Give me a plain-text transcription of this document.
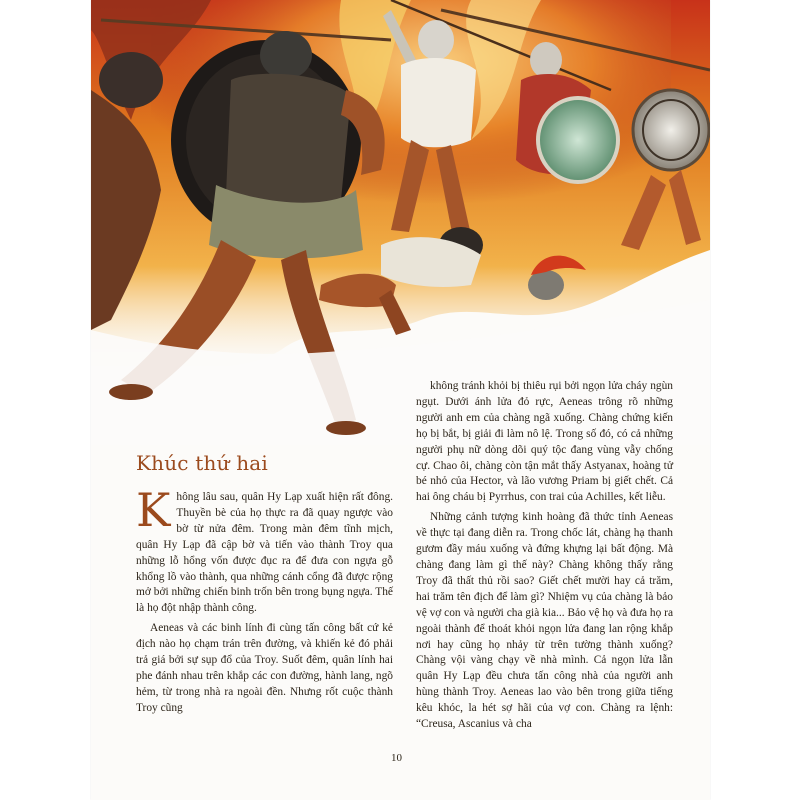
Khúc thứ hai

Không lâu sau, quân Hy Lạp xuất hiện rất đông. Thuyền bè của họ thực ra đã quay ngược vào bờ từ nửa đêm. Trong màn đêm tĩnh mịch, quân Hy Lạp đã cập bờ và tiến vào thành Troy qua những lỗ hổng vốn được đục ra để đưa con ngựa gỗ khổng lồ vào thành, qua những cánh cổng đã được rộng mở bởi những chiến binh trốn bên trong bụng ngựa. Thế là họ đột nhập thành công.

Aeneas và các binh lính đi cùng tấn công bất cứ kẻ địch nào họ chạm trán trên đường, và khiến kẻ đó phải trả giá bởi sự sụp đổ của Troy. Suốt đêm, quân lính hai phe đánh nhau trên khắp các con đường, hành lang, ngõ hẻm, từ trong nhà ra ngoài đền. Nhưng rốt cuộc thành Troy cũng

không tránh khỏi bị thiêu rụi bởi ngọn lửa cháy ngùn ngụt. Dưới ánh lửa đỏ rực, Aeneas trông rõ những người anh em của chàng ngã xuống. Chàng chứng kiến họ bị bắt, bị giải đi làm nô lệ. Trong số đó, có cả những người phụ nữ dòng dõi quý tộc đang vùng vẫy chống cự. Chao ôi, chàng còn tận mắt thấy Astyanax, hoàng tử bé nhỏ của Hector, và lão vương Priam bị giết chết. Cả hai ông cháu bị Pyrrhus, con trai của Achilles, kết liễu.

Những cảnh tượng kinh hoàng đã thức tỉnh Aeneas về thực tại đang diễn ra. Trong chốc lát, chàng hạ thanh gươm đầy máu xuống và đứng khựng lại bất động. Mà chàng đang làm gì thế này? Chàng không thấy rằng Troy đã thất thủ rồi sao? Giết chết mười hay cả trăm, hai trăm tên địch để làm gì? Nhiệm vụ của chàng là bảo vệ vợ con và người cha già kia... Bảo vệ họ và đưa họ ra ngoài thành để thoát khỏi ngọn lửa đang lan rộng khắp nơi hay cũng họ nhảy từ trên tường thành xuống? Chàng vội vàng chạy về nhà mình. Cả ngọn lửa lẫn quân Hy Lạp đều chưa tấn công nhà của người anh hùng thành Troy. Aeneas lao vào bên trong giữa tiếng kêu khóc, la hét sợ hãi của vợ con. Chàng ra lệnh: “Creusa, Ascanius và cha

10
